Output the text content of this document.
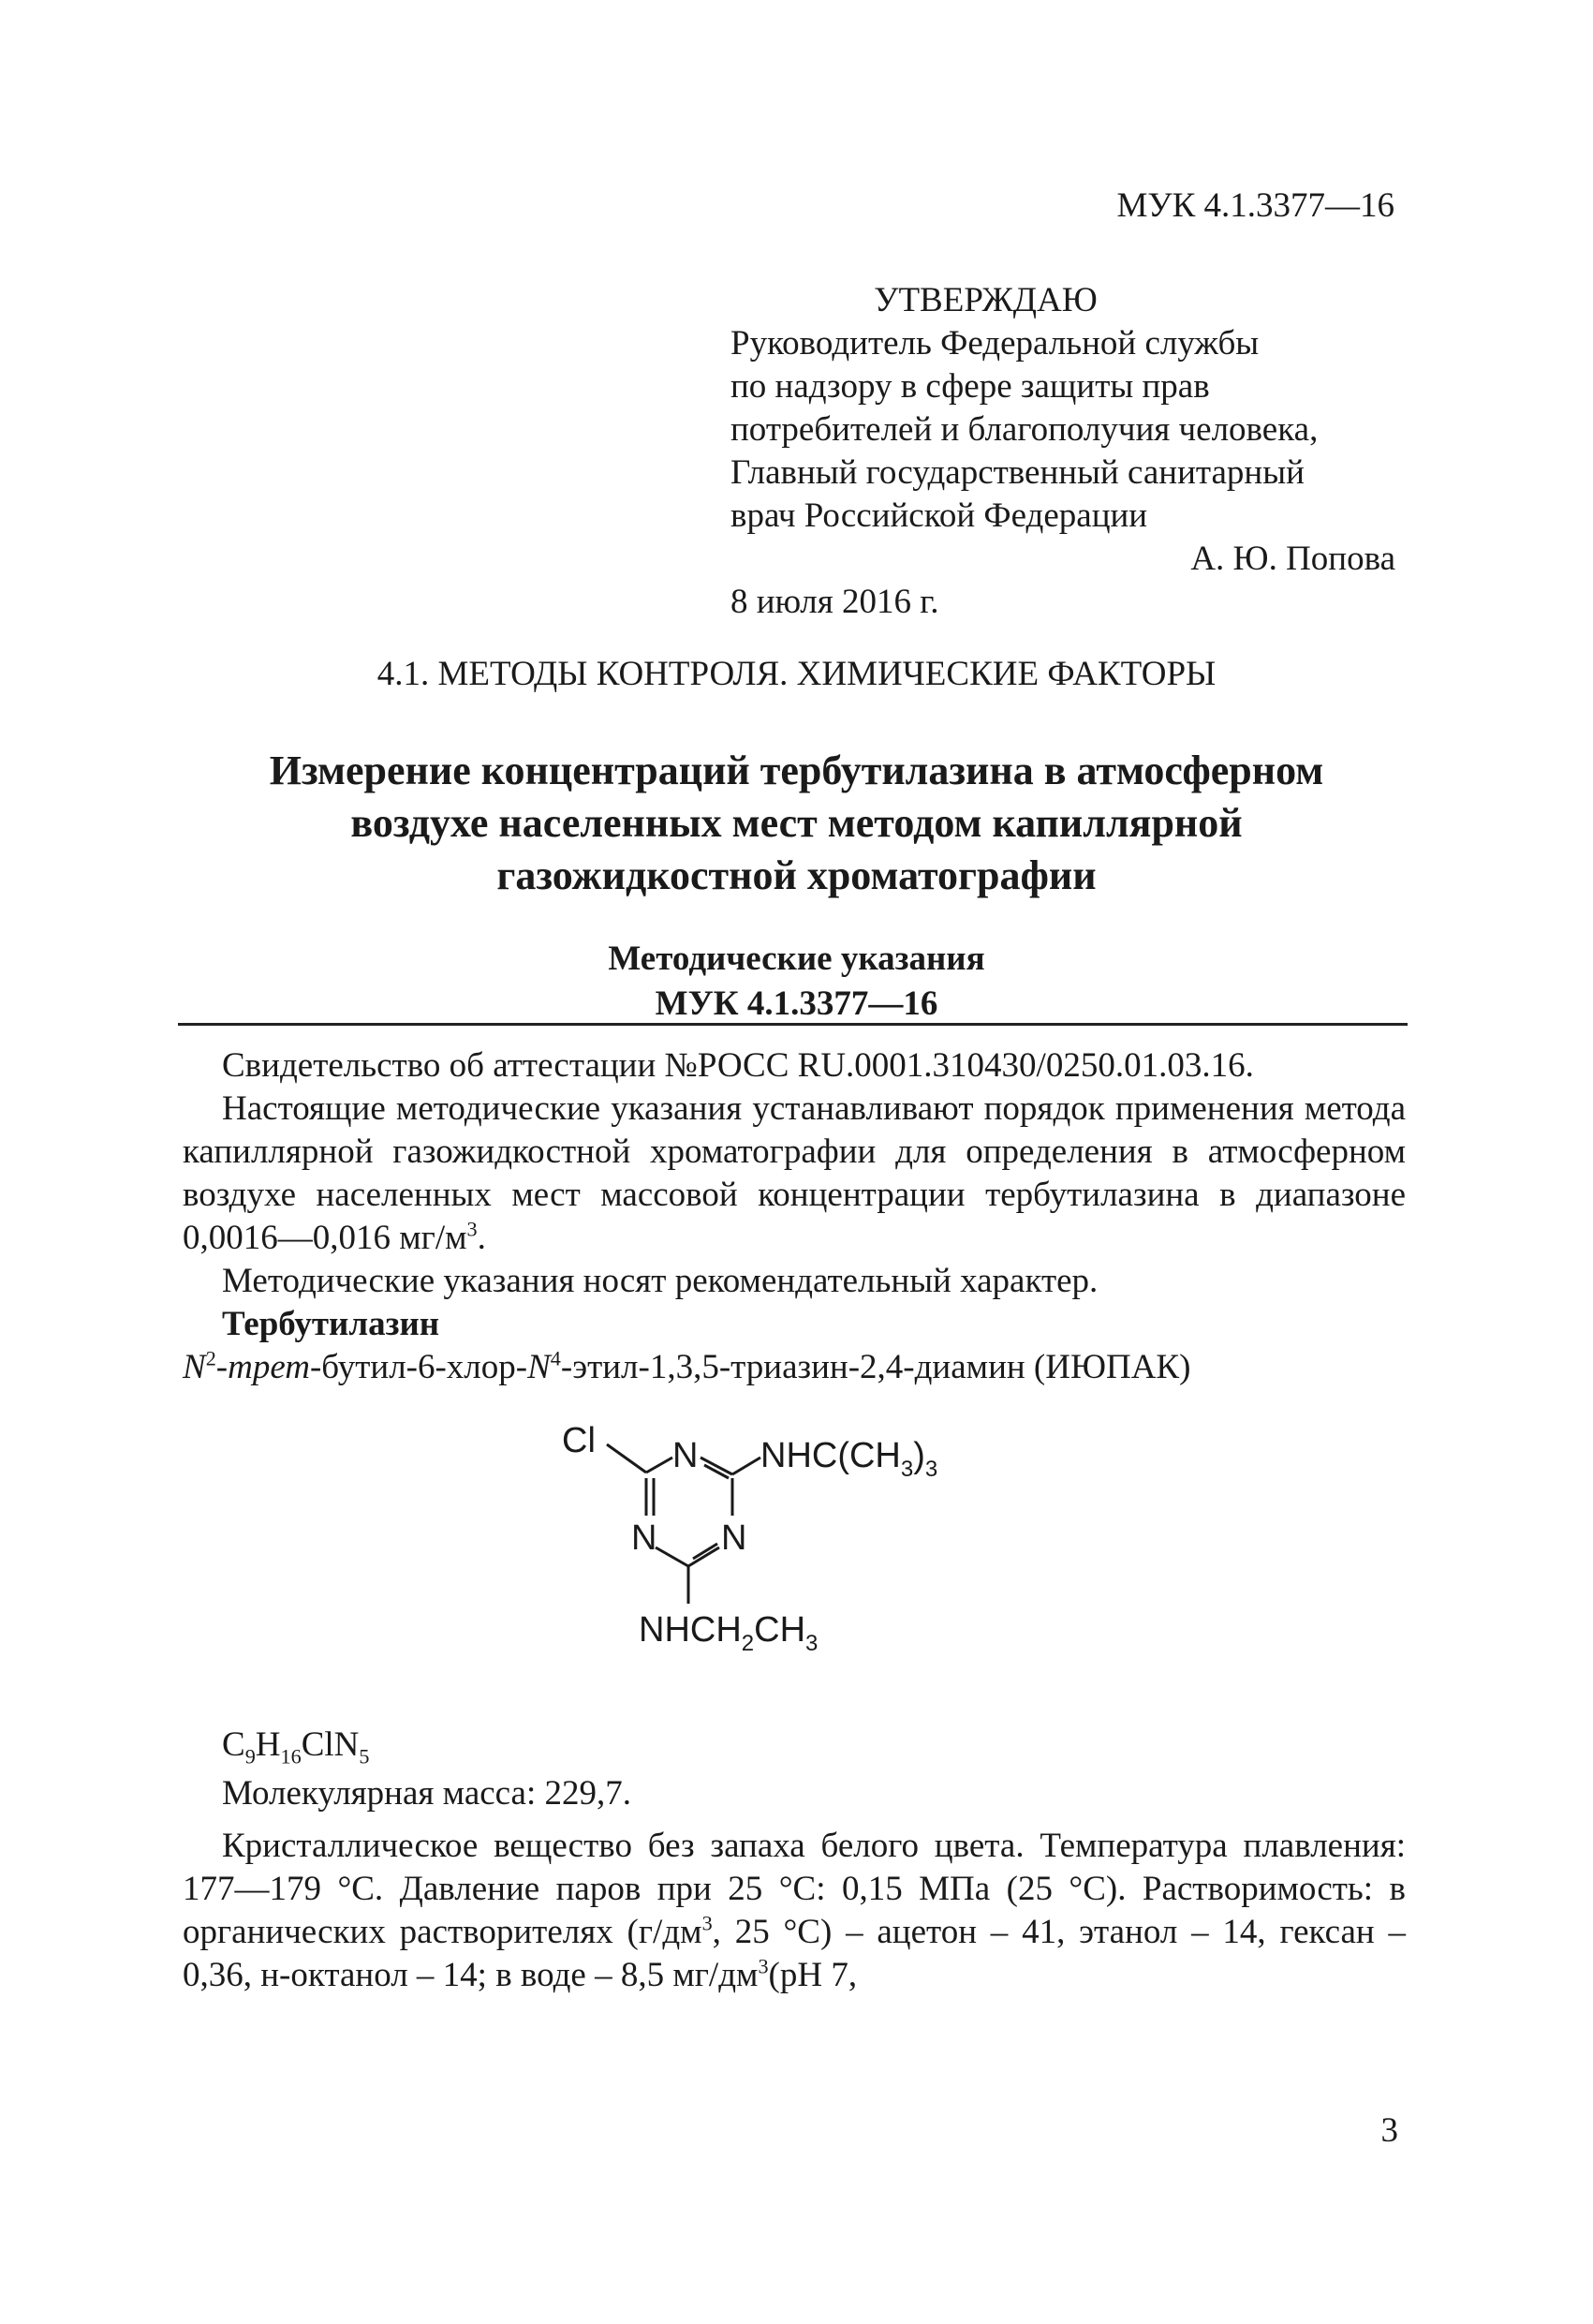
МУК 4.1.3377—16
УТВЕРЖДАЮ
Руководитель Федеральной службы
по надзору в сфере защиты прав
потребителей и благополучия человека,
Главный государственный санитарный
врач Российской Федерации
А. Ю. Попова
8 июля 2016 г.
4.1. МЕТОДЫ КОНТРОЛЯ. ХИМИЧЕСКИЕ ФАКТОРЫ
Измерение концентраций тербутилазина в атмосферном
воздухе населенных мест методом капиллярной
газожидкостной хроматографии
Методические указания
МУК 4.1.3377—16

Свидетельство об аттестации №РОСС RU.0001.310430/0250.01.03.16.

Настоящие методические указания устанавливают порядок применения метода капиллярной газожидкостной хроматографии для определения в атмосферном воздухе населенных мест массовой концентрации тербутилазина в диапазоне 0,0016—0,016 $мг/м^3$.

Методические указания носят рекомендательный характер.

Тербутилазин

$N^2-трет-бутил-6-хлор-N^4-этил-1,3,5-триазин-2,4$-диамин (ИЮПАК)

Cl N
N N
$NHC(CH_3)_3$
$NHCH_2CH_3$

$C_9H_{16}ClN_5$

Молекулярная масса: 229,7.

Кристаллическое вещество без запаха белого цвета. Температура плавления: 177—179 °С. Давление паров при 25 °С: 0,15 МПа (25 °С). Растворимость: в органических растворителях ($г/дм^3$, 25 °С) – ацетон – 41, этанол – 14, гексан – 0,36, н-октанол – 14; в воде – 8,5 $мг/дм^3(рН$ 7,

3
